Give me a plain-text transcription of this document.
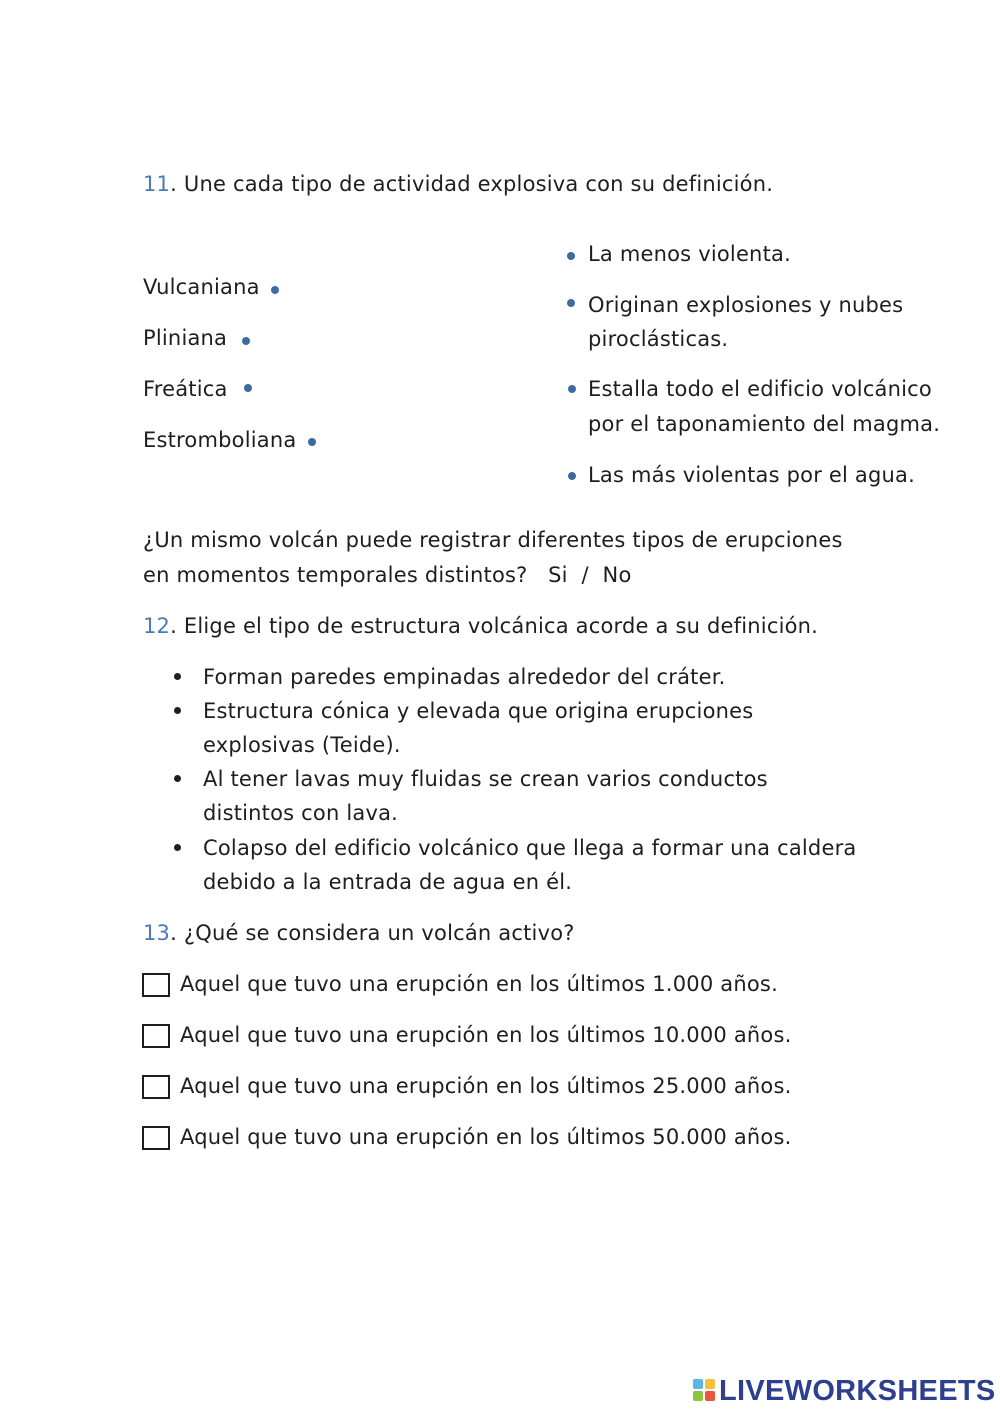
11. Une cada tipo de actividad explosiva con su definición.
Vulcaniana
Pliniana
Freática
Estromboliana
La menos violenta.
Originan explosiones y nubes
piroclásticas.
Estalla todo el edificio volcánico
por el taponamiento del magma.
Las más violentas por el agua.
¿Un mismo volcán puede registrar diferentes tipos de erupciones
en momentos temporales distintos? Si / No
12. Elige el tipo de estructura volcánica acorde a su definición.
Forman paredes empinadas alrededor del cráter.
Estructura cónica y elevada que origina erupciones
explosivas (Teide).
Al tener lavas muy fluidas se crean varios conductos
distintos con lava.
Colapso del edificio volcánico que llega a formar una caldera
debido a la entrada de agua en él.
13. ¿Qué se considera un volcán activo?
Aquel que tuvo una erupción en los últimos 1.000 años.
Aquel que tuvo una erupción en los últimos 10.000 años.
Aquel que tuvo una erupción en los últimos 25.000 años.
Aquel que tuvo una erupción en los últimos 50.000 años.
LIVEWORKSHEETS
